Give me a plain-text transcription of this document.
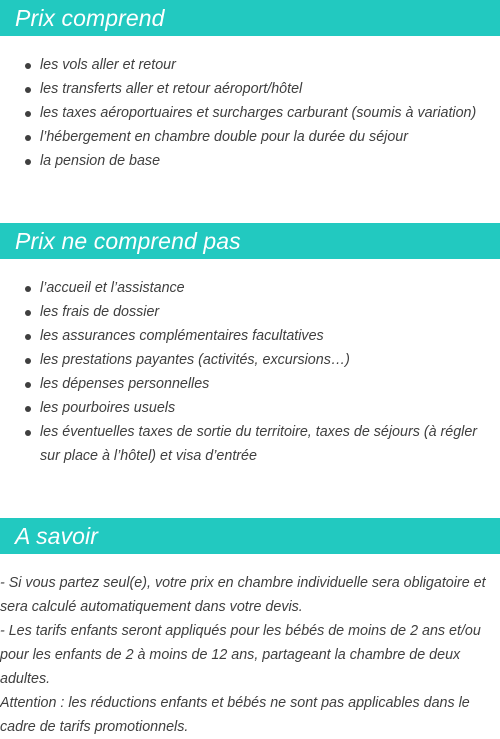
Prix comprend
les vols aller et retour
les transferts aller et retour aéroport/hôtel
les taxes aéroportuaires et surcharges carburant (soumis à variation)
l’hébergement en chambre double pour la durée du séjour
la pension de base
Prix ne comprend pas
l’accueil et l’assistance
les frais de dossier
les assurances complémentaires facultatives
les prestations payantes (activités, excursions…)
les dépenses personnelles
les pourboires usuels
les éventuelles taxes de sortie du territoire, taxes de séjours (à régler sur place à l’hôtel) et visa d’entrée
A savoir

- Si vous partez seul(e), votre prix en chambre individuelle sera obligatoire et sera calculé automatiquement dans votre devis.

- Les tarifs enfants seront appliqués pour les bébés de moins de 2 ans et/ou pour les enfants de 2 à moins de 12 ans, partageant la chambre de deux adultes.

Attention : les réductions enfants et bébés ne sont pas applicables dans le cadre de tarifs promotionnels.
